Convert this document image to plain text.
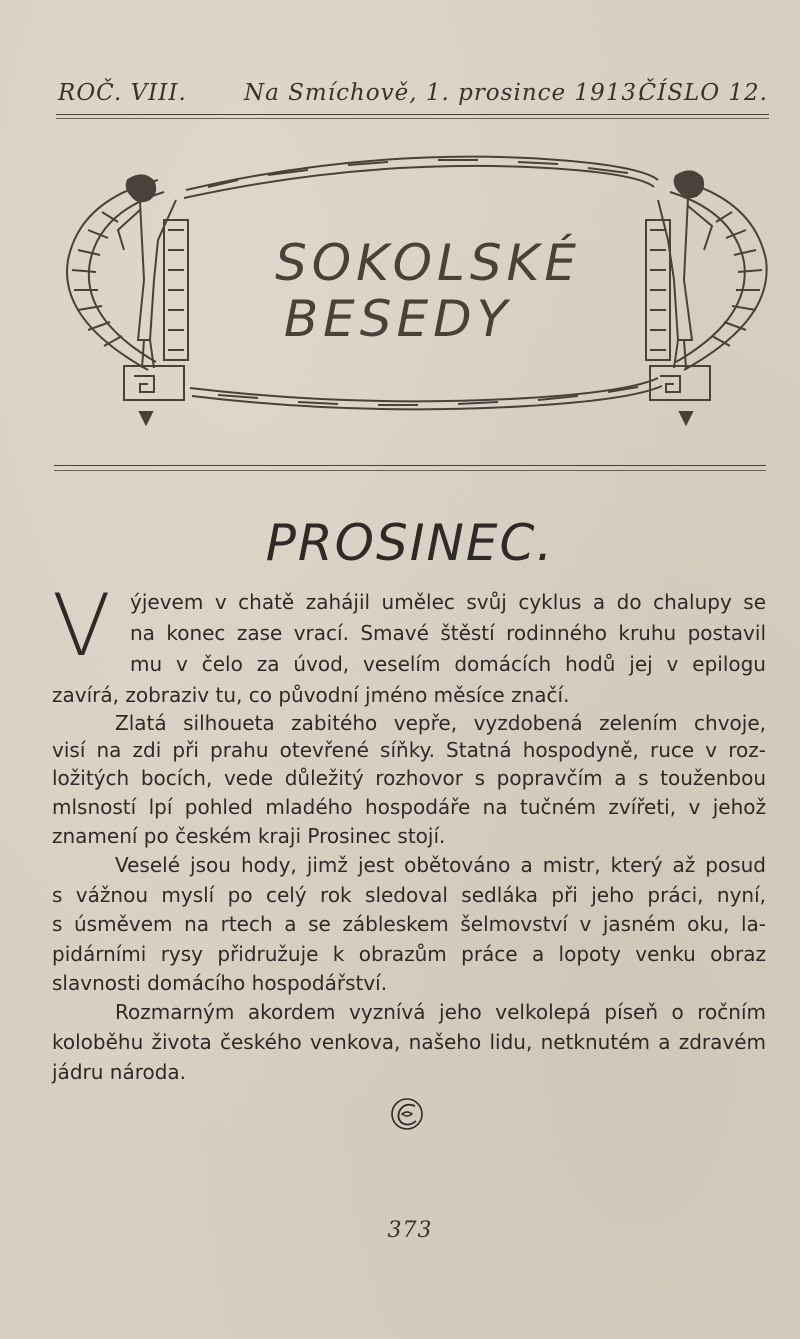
ROČ. VIII. Na Smíchově, 1. prosince 1913.
ČÍSLO 12.
SOKOLSKÉ
BESEDY
PROSINEC.
V ýjevem v chatě zahájil umělec svůj cyklus a do chalupy se
na konec zase vrací. Smavé štěstí rodinného kruhu postavil
mu v čelo za úvod, veselím domácích hodů jej v epilogu
zavírá, zobraziv tu, co původní jméno měsíce značí.
Zlatá silhoueta zabitého vepře, vyzdobená zelením chvoje,
visí na zdi při prahu otevřené síňky. Statná hospodyně, ruce v roz-
ložitých bocích, vede důležitý rozhovor s popravčím a s touženbou
mlsností lpí pohled mladého hospodáře na tučném zvířeti, v jehož
znamení po českém kraji Prosinec stojí.
Veselé jsou hody, jimž jest obětováno a mistr, který až posud
s vážnou myslí po celý rok sledoval sedláka při jeho práci, nyní,
s úsměvem na rtech a se zábleskem šelmovství v jasném oku, la-
pidárními rysy přidružuje k obrazům práce a lopoty venku obraz
slavnosti domácího hospodářství.
Rozmarným akordem vyznívá jeho velkolepá píseň o ročním
koloběhu života českého venkova, našeho lidu, netknutém a zdravém
jádru národa.
373
